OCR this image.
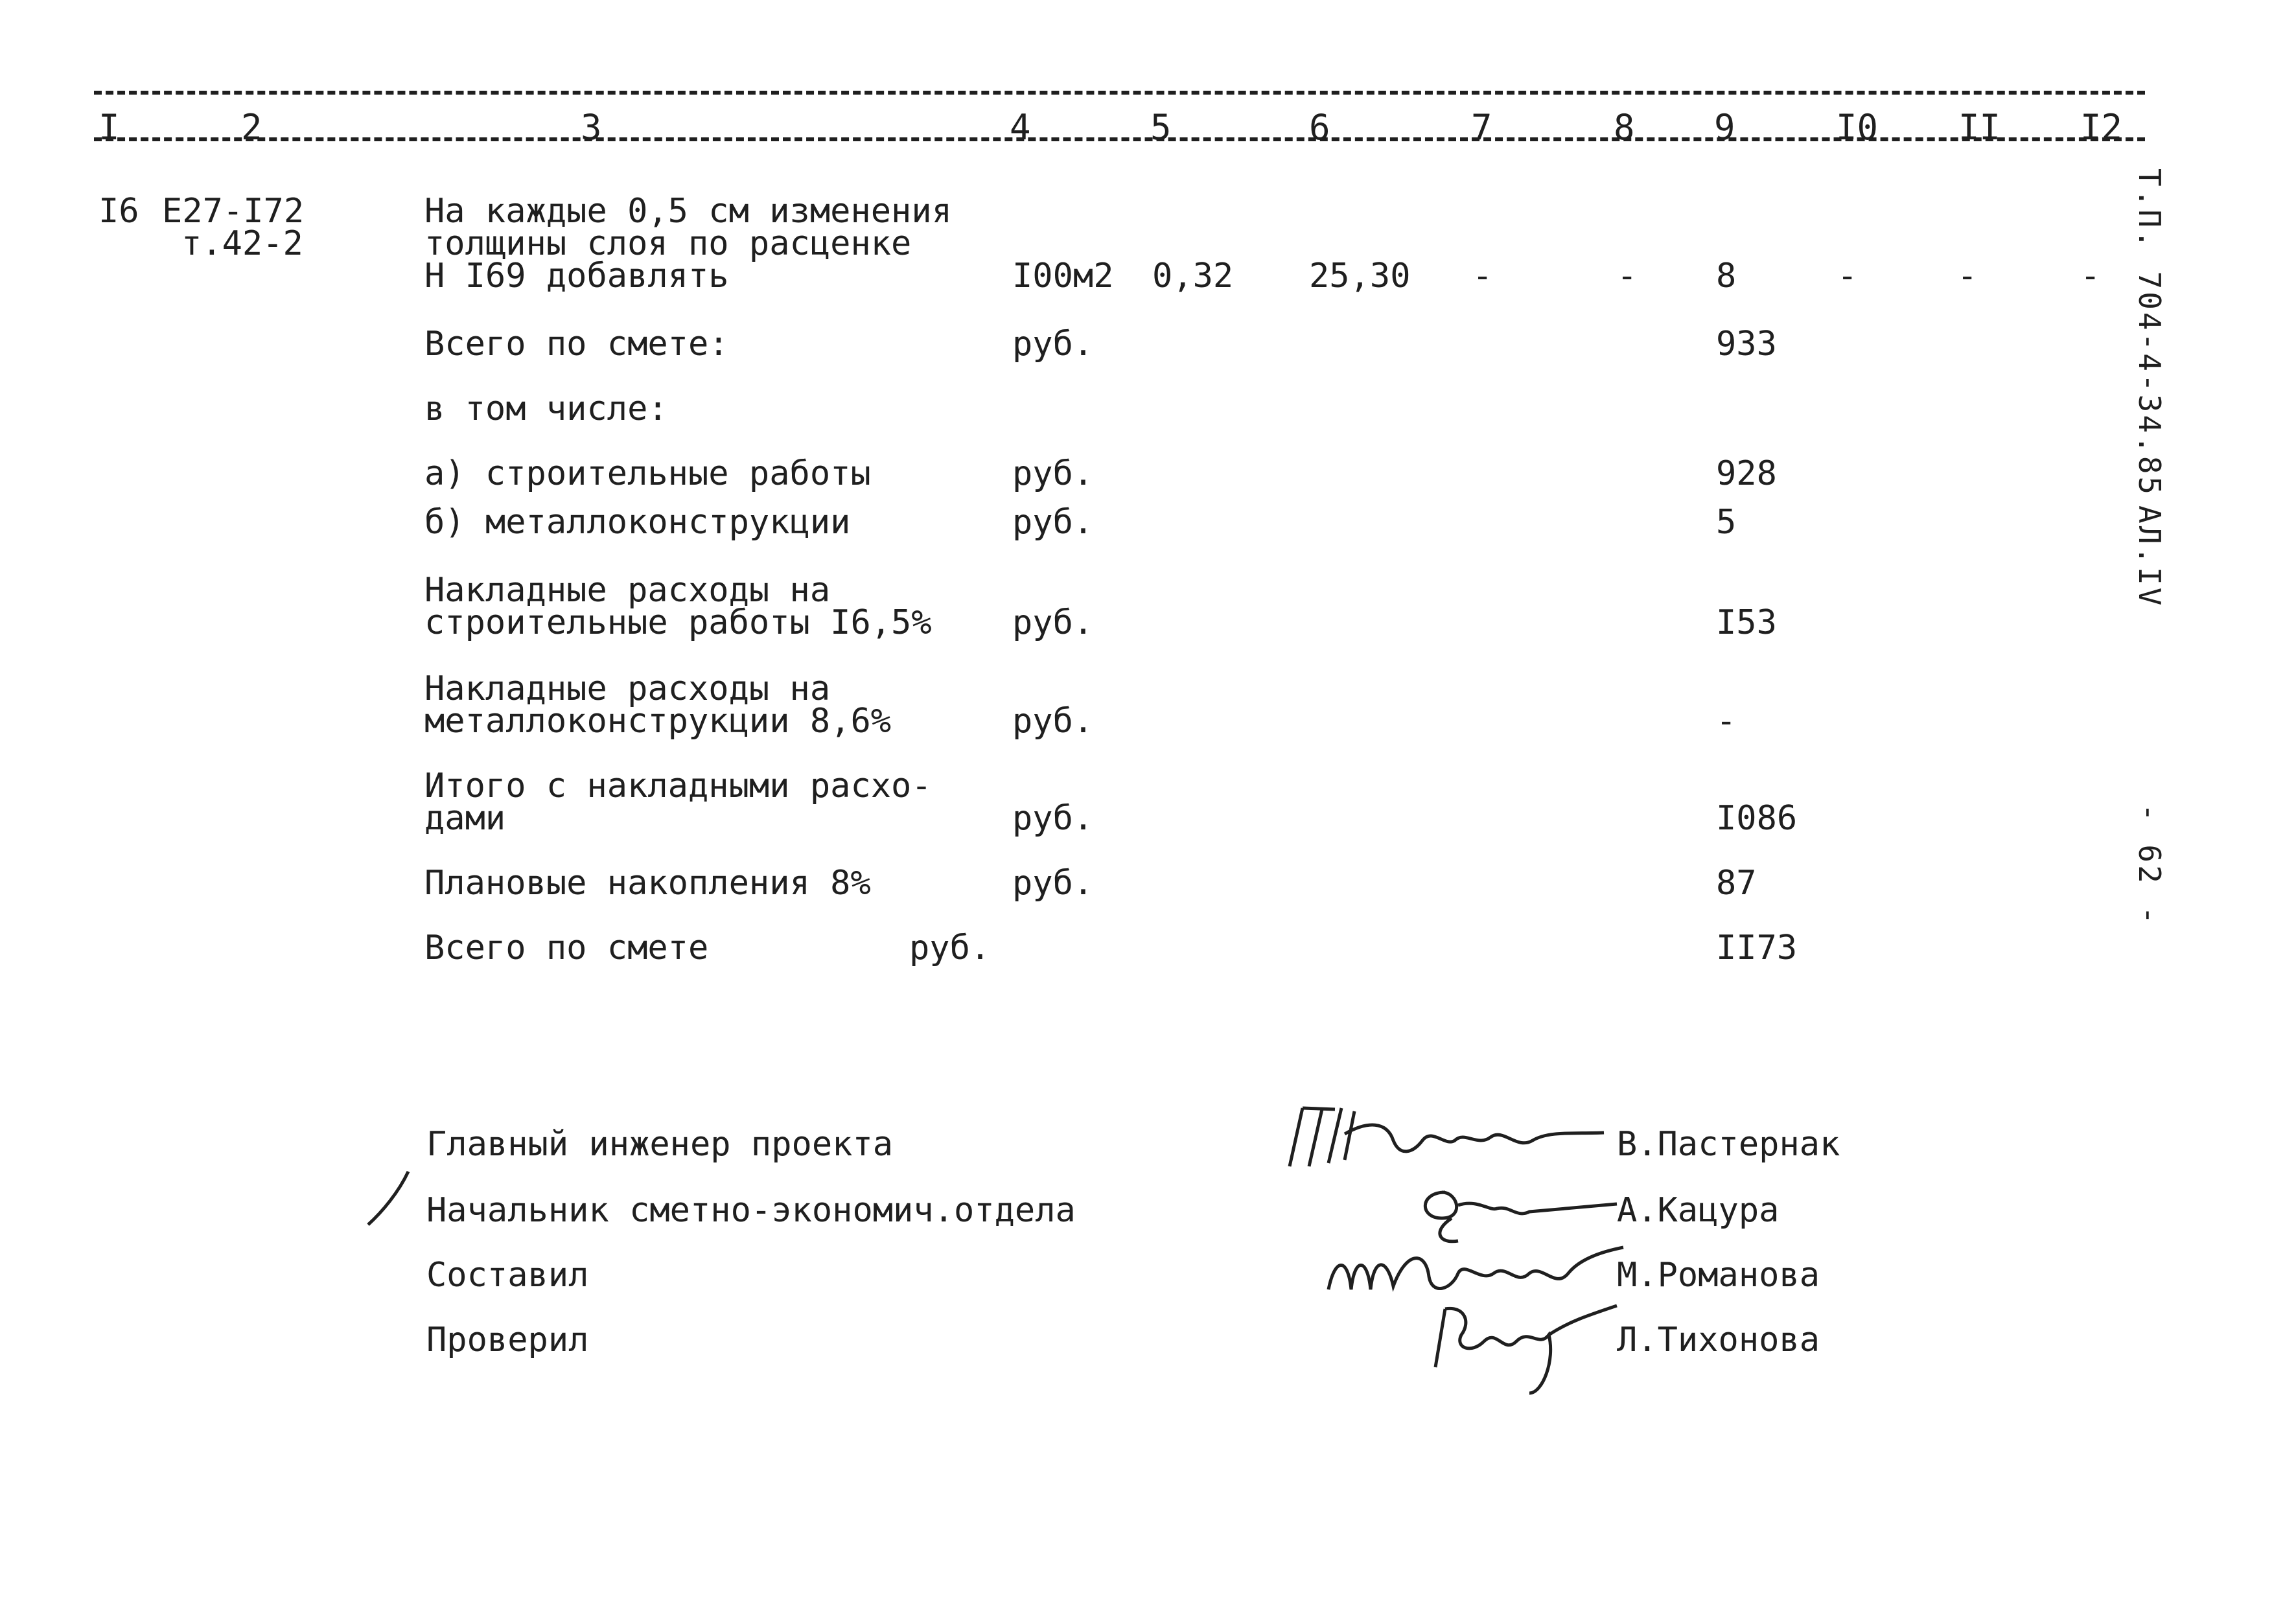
I	2	3	4	5	6	7	8 9	I0 II I2
Т.П. 704-4-34.85
АЛ.IV
- 62 -
I6 Е27-I72
т.42-2
На каждые 0,5 см изменения
толщины слоя по расценке
Н I69 добавлять	I00м2 0,32 25,30 -	- 8	-	-	-
Всего по смете:	руб.	933
в том числе:
а) строительные работы	руб.	928
б) металлоконструкции	руб.	5
Накладные расходы на
строительные работы I6,5% руб.	I53
Накладные расходы на
металлоконструкции 8,6%	руб.	-
Итого с накладными расхо-
дами	руб.	I086
Плановые накопления 8%	руб.	87
Всего по смете	руб.	II73
Главный инженер проекта	В.Пастернак
Начальник сметно-экономич.отдела	А.Кацура
Составил	М.Романова
Проверил	Л.Тихонова
